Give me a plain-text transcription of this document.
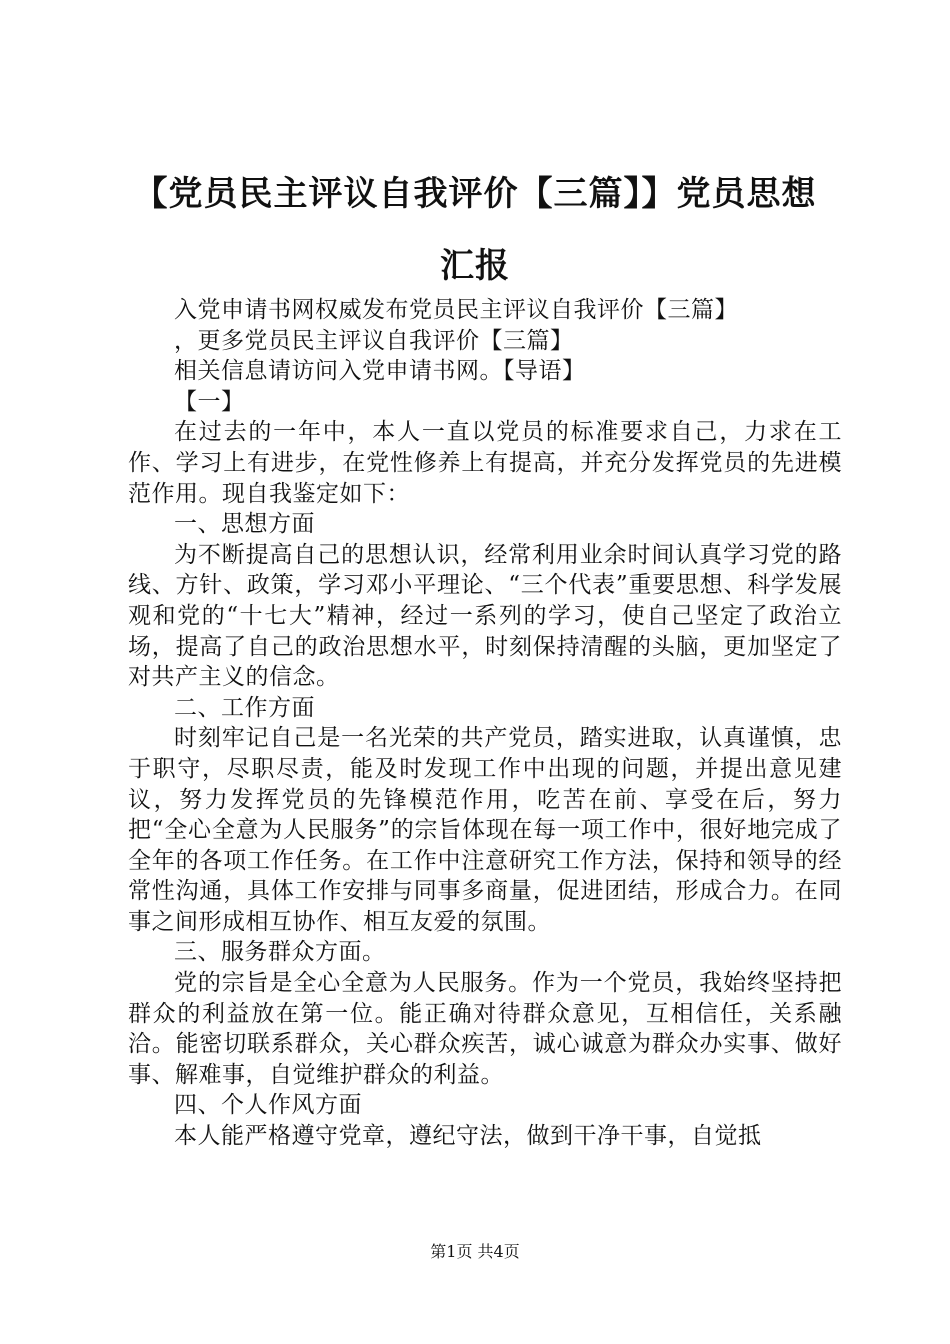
【党员民主评议自我评价【三篇】】党员思想
汇报

入党申请书网权威发布党员民主评议自我评价【三篇】

，更多党员民主评议自我评价【三篇】

相关信息请访问入党申请书网。【导语】

【一】

在过去的一年中，本人一直以党员的标准要求自己，力求在工作、学习上有进步，在党性修养上有提高，并充分发挥党员的先进模范作用。现自我鉴定如下：

一、思想方面

为不断提高自己的思想认识，经常利用业余时间认真学习党的路线、方针、政策，学习邓小平理论、“三个代表”重要思想、科学发展观和党的“十七大”精神，经过一系列的学习，使自己坚定了政治立场，提高了自己的政治思想水平，时刻保持清醒的头脑，更加坚定了对共产主义的信念。

二、工作方面

时刻牢记自己是一名光荣的共产党员，踏实进取，认真谨慎，忠于职守，尽职尽责，能及时发现工作中出现的问题，并提出意见建议，努力发挥党员的先锋模范作用，吃苦在前、享受在后，努力把“全心全意为人民服务”的宗旨体现在每一项工作中，很好地完成了全年的各项工作任务。在工作中注意研究工作方法，保持和领导的经常性沟通，具体工作安排与同事多商量，促进团结，形成合力。在同事之间形成相互协作、相互友爱的氛围。

三、服务群众方面。

党的宗旨是全心全意为人民服务。作为一个党员，我始终坚持把群众的利益放在第一位。能正确对待群众意见，互相信任，关系融洽。能密切联系群众，关心群众疾苦，诚心诚意为群众办实事、做好事、解难事，自觉维护群众的利益。

四、个人作风方面

本人能严格遵守党章，遵纪守法，做到干净干事，自觉抵

第1页 共4页
